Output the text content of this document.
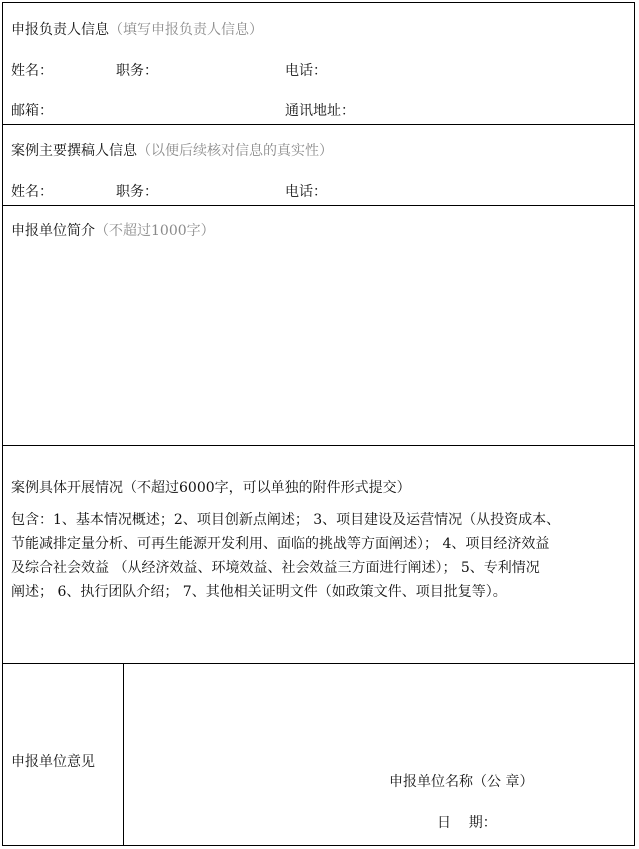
申报负责人信息（填写申报负责人信息）
姓名：	职务：	电话：
邮箱：	通讯地址：
案例主要撰稿人信息（以便后续核对信息的真实性）
姓名：	职务：	电话：
申报单位简介（不超过1000字）
案例具体开展情况（不超过6000字，可以单独的附件形式提交）
包含：1、基本情况概述；2、项目创新点阐述； 3、项目建设及运营情况（从投资成本、
节能减排定量分析、可再生能源开发利用、面临的挑战等方面阐述）； 4、项目经济效益
及综合社会效益 （从经济效益、环境效益、社会效益三方面进行阐述）； 5、专利情况
阐述； 6、执行团队介绍； 7、其他相关证明文件（如政策文件、项目批复等）。
申报单位意见
申报单位名称（公 章）
日    期：
